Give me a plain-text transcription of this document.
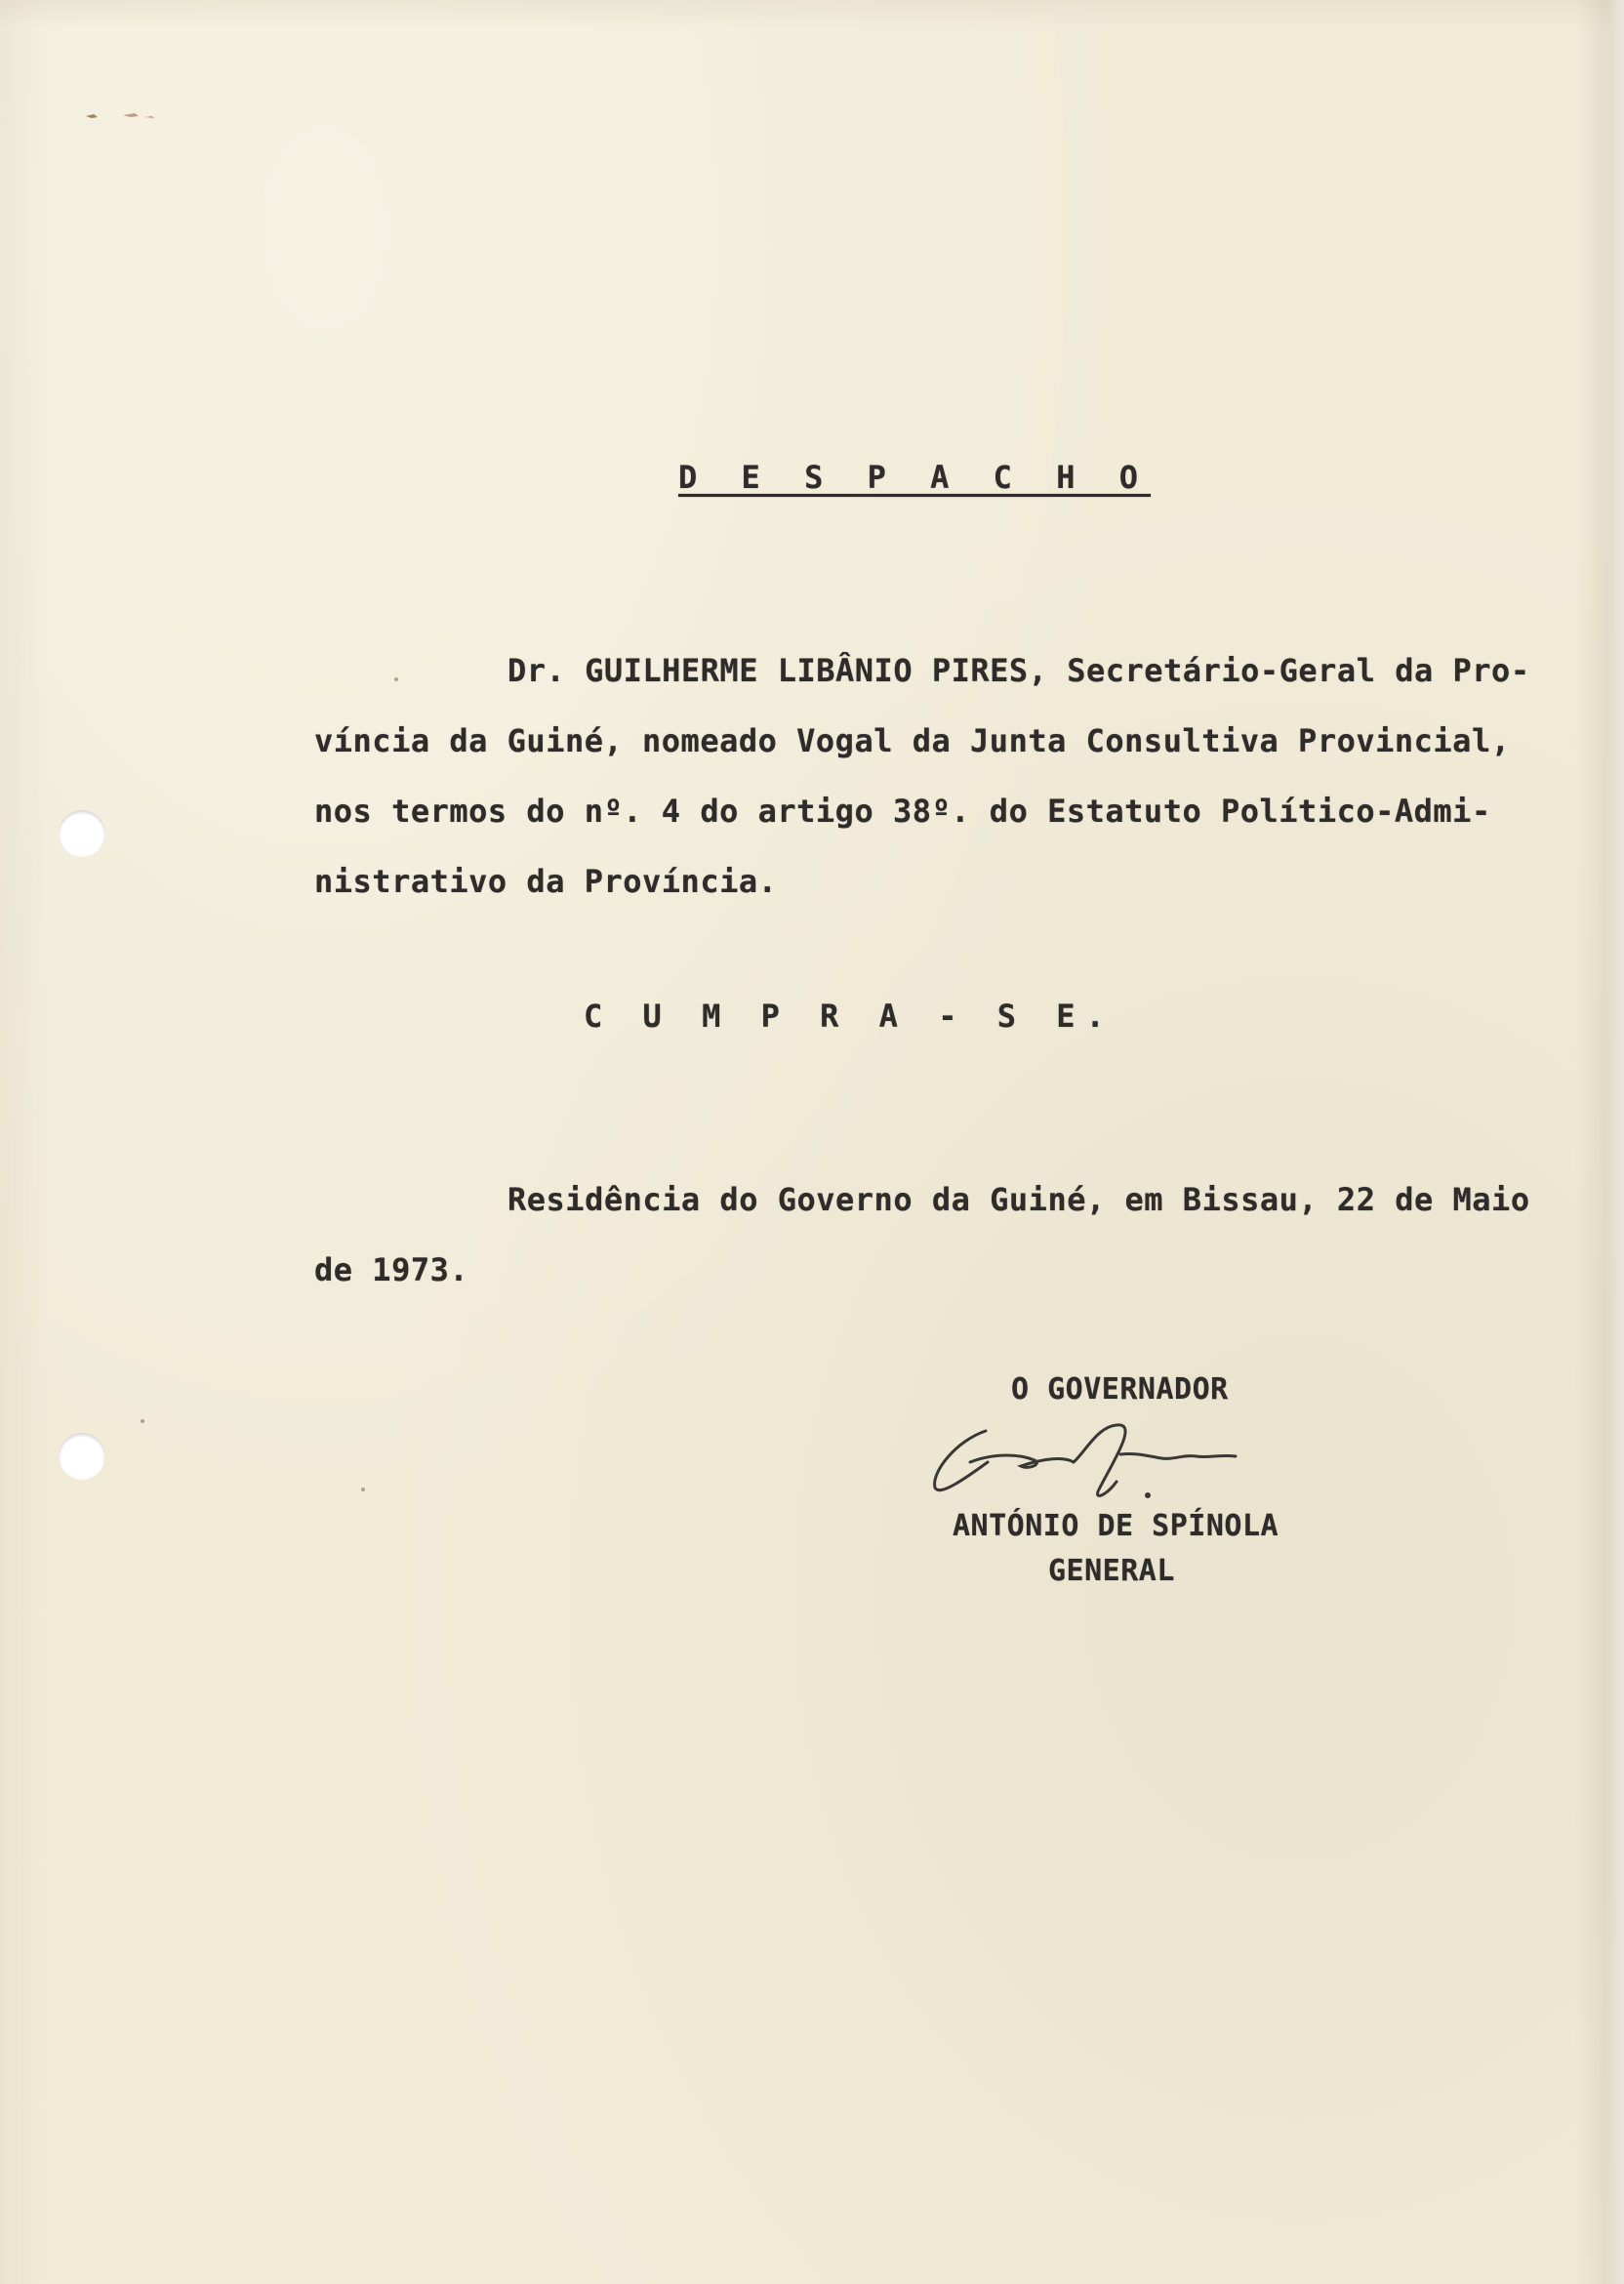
D E S P A C H O
Dr. GUILHERME LIBÂNIO PIRES, Secretário-Geral da Pro-
víncia da Guiné, nomeado Vogal da Junta Consultiva Provincial,
nos termos do nº. 4 do artigo 38º. do Estatuto Político-Admi-
nistrativo da Província.
C U M P R A - S E.
Residência do Governo da Guiné, em Bissau, 22 de Maio
de 1973.
O GOVERNADOR
ANTÓNIO DE SPÍNOLA
GENERAL
